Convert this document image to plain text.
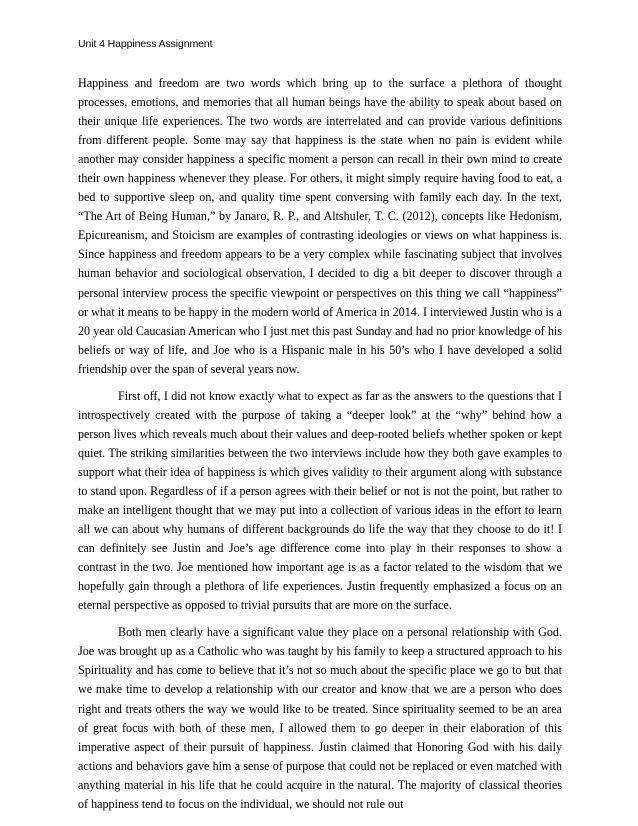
Unit 4 Happiness Assignment

Happiness and freedom are two words which bring up to the surface a plethora of thought processes, emotions, and memories that all human beings have the ability to speak about based on their unique life experiences. The two words are interrelated and can provide various definitions from different people. Some may say that happiness is the state when no pain is evident while another may consider happiness a specific moment a person can recall in their own mind to create their own happiness whenever they please. For others, it might simply require having food to eat, a bed to supportive sleep on, and quality time spent conversing with family each day. In the text, “The Art of Being Human,” by Janaro, R. P., and Altshuler, T. C. (2012), concepts like Hedonism, Epicureanism, and Stoicism are examples of contrasting ideologies or views on what happiness is. Since happiness and freedom appears to be a very complex while fascinating subject that involves human behavior and sociological observation, I decided to dig a bit deeper to discover through a personal interview process the specific viewpoint or perspectives on this thing we call “happiness” or what it means to be happy in the modern world of America in 2014. I interviewed Justin who is a 20 year old Caucasian American who I just met this past Sunday and had no prior knowledge of his beliefs or way of life, and Joe who is a Hispanic male in his 50’s who I have developed a solid friendship over the span of several years now.

First off, I did not know exactly what to expect as far as the answers to the questions that I introspectively created with the purpose of taking a “deeper look” at the “why” behind how a person lives which reveals much about their values and deep-rooted beliefs whether spoken or kept quiet. The striking similarities between the two interviews include how they both gave examples to support what their idea of happiness is which gives validity to their argument along with substance to stand upon. Regardless of if a person agrees with their belief or not is not the point, but rather to make an intelligent thought that we may put into a collection of various ideas in the effort to learn all we can about why humans of different backgrounds do life the way that they choose to do it! I can definitely see Justin and Joe’s age difference come into play in their responses to show a contrast in the two. Joe mentioned how important age is as a factor related to the wisdom that we hopefully gain through a plethora of life experiences. Justin frequently emphasized a focus on an eternal perspective as opposed to trivial pursuits that are more on the surface.

Both men clearly have a significant value they place on a personal relationship with God. Joe was brought up as a Catholic who was taught by his family to keep a structured approach to his Spirituality and has come to believe that it’s not so much about the specific place we go to but that we make time to develop a relationship with our creator and know that we are a person who does right and treats others the way we would like to be treated. Since spirituality seemed to be an area of great focus with both of these men, I allowed them to go deeper in their elaboration of this imperative aspect of their pursuit of happiness. Justin claimed that Honoring God with his daily actions and behaviors gave him a sense of purpose that could not be replaced or even matched with anything material in his life that he could acquire in the natural. The majority of classical theories of happiness tend to focus on the individual, we should not rule out
